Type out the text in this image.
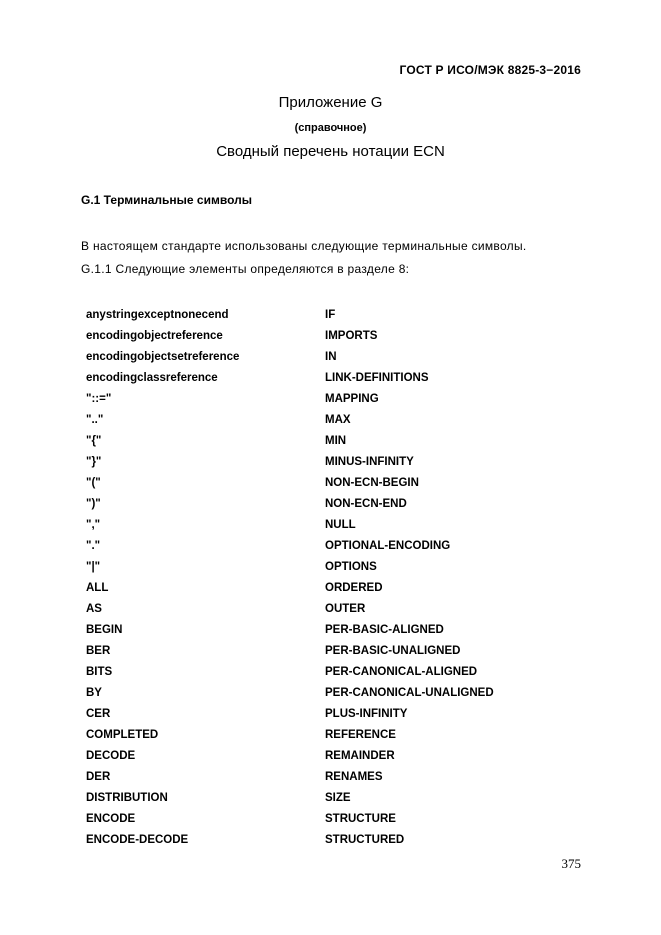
ГОСТ Р ИСО/МЭК 8825-3−2016
Приложение G
(справочное)
Сводный перечень нотации ECN
G.1 Терминальные символы
В настоящем стандарте использованы следующие терминальные символы.
G.1.1 Следующие элементы определяются в разделе 8:
anystringexceptnonecend	IF
encodingobjectreference	IMPORTS
encodingobjectsetreference	IN
encodingclassreference	LINK-DEFINITIONS
"::="	MAPPING
".."	MAX
"{"	MIN
"}"	MINUS-INFINITY
"("	NON-ECN-BEGIN
")"	NON-ECN-END
","	NULL
"."	OPTIONAL-ENCODING
"|"	OPTIONS
ALL	ORDERED
AS	OUTER
BEGIN	PER-BASIC-ALIGNED
BER	PER-BASIC-UNALIGNED
BITS	PER-CANONICAL-ALIGNED
BY	PER-CANONICAL-UNALIGNED
CER	PLUS-INFINITY
COMPLETED	REFERENCE
DECODE	REMAINDER
DER	RENAMES
DISTRIBUTION	SIZE
ENCODE	STRUCTURE
ENCODE-DECODE	STRUCTURED
375
